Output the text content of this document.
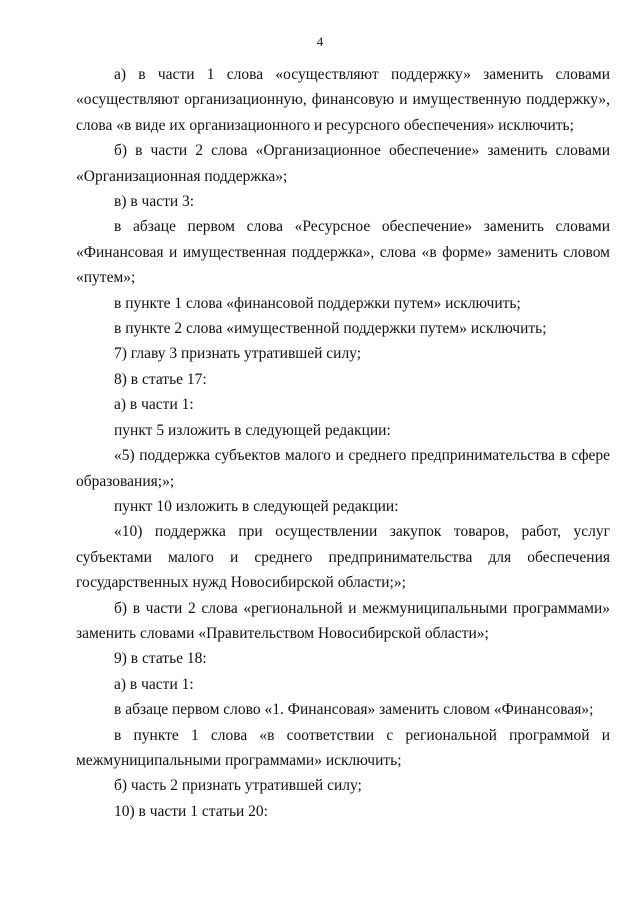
4

а) в части 1 слова «осуществляют поддержку» заменить словами «осуществляют организационную, финансовую и имущественную поддержку», слова «в виде их организационного и ресурсного обеспечения» исключить;

б) в части 2 слова «Организационное обеспечение» заменить словами «Организационная поддержка»;

в) в части 3:

в абзаце первом слова «Ресурсное обеспечение» заменить словами «Финансовая и имущественная поддержка», слова «в форме» заменить словом «путем»;

в пункте 1 слова «финансовой поддержки путем» исключить;

в пункте 2 слова «имущественной поддержки путем» исключить;

7) главу 3 признать утратившей силу;

8) в статье 17:

а) в части 1:

пункт 5 изложить в следующей редакции:

«5) поддержка субъектов малого и среднего предпринимательства в сфере образования;»;

пункт 10 изложить в следующей редакции:

«10) поддержка при осуществлении закупок товаров, работ, услуг субъектами малого и среднего предпринимательства для обеспечения государственных нужд Новосибирской области;»;

б) в части 2 слова «региональной и межмуниципальными программами» заменить словами «Правительством Новосибирской области»;

9) в статье 18:

а) в части 1:

в абзаце первом слово «1. Финансовая» заменить словом «Финансовая»;

в пункте 1 слова «в соответствии с региональной программой и межмуниципальными программами» исключить;

б) часть 2 признать утратившей силу;

10) в части 1 статьи 20:
